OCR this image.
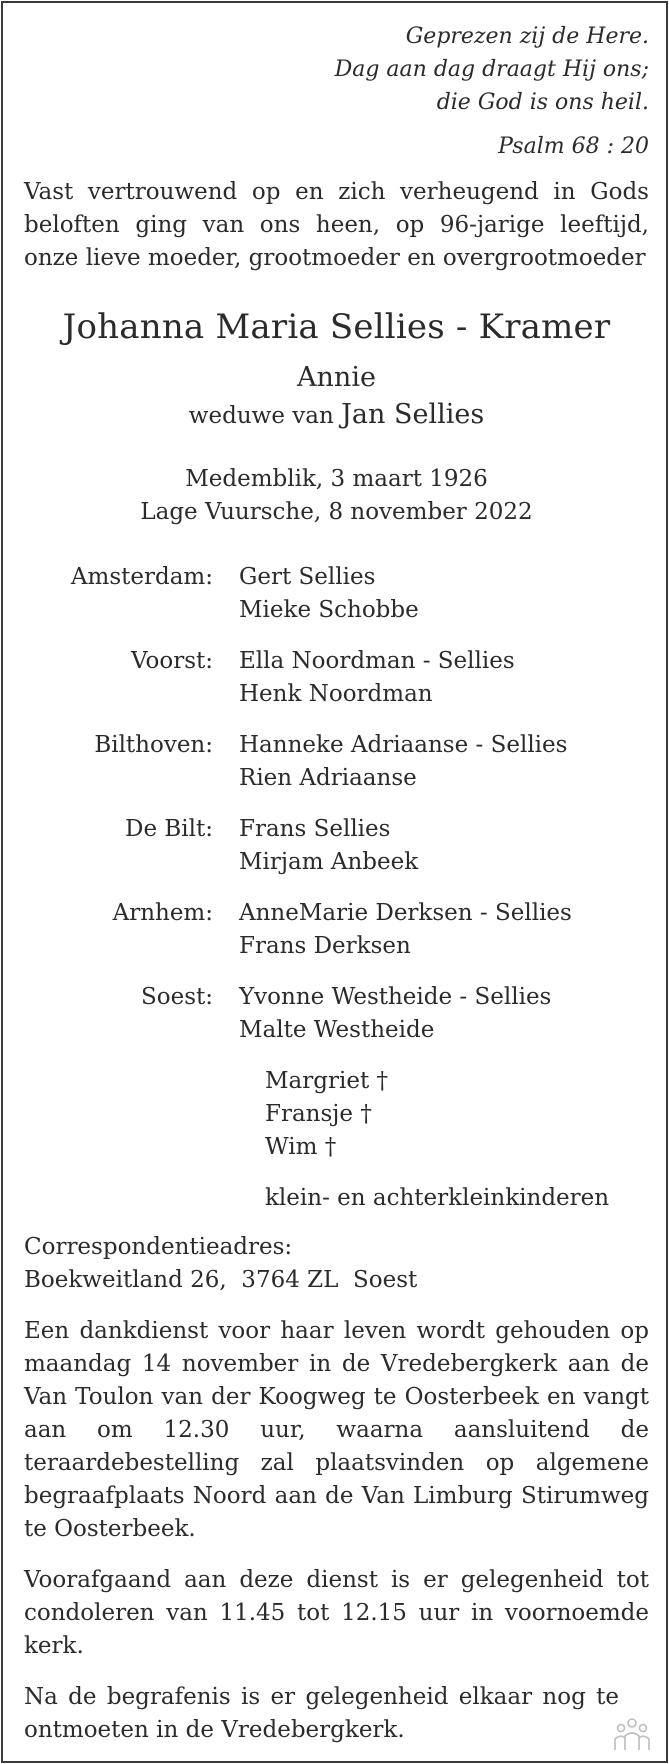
Geprezen zij de Here.
Dag aan dag draagt Hij ons;
die God is ons heil.
Psalm 68 : 20
Vast vertrouwend op en zich verheugend in Gods beloften ging van ons heen, op 96-jarige leeftijd, onze lieve moeder, grootmoeder en overgrootmoeder
Johanna Maria Sellies - Kramer
Annie
weduwe van Jan Sellies
Medemblik, 3 maart 1926
Lage Vuursche, 8 november 2022
Amsterdam:	Gert Sellies
Mieke Schobbe
Voorst:	Ella Noordman - Sellies
Henk Noordman
Bilthoven:	Hanneke Adriaanse - Sellies
Rien Adriaanse
De Bilt:	Frans Sellies
Mirjam Anbeek
Arnhem:	AnneMarie Derksen - Sellies
Frans Derksen
Soest:	Yvonne Westheide - Sellies
Malte Westheide
Margriet †
Fransje †
Wim †
klein- en achterkleinkinderen
Correspondentieadres:
Boekweitland 26,  3764 ZL  Soest
Een dankdienst voor haar leven wordt gehouden op maandag 14 november in de Vredebergkerk aan de Van Toulon van der Koogweg te Oosterbeek en vangt aan om 12.30 uur, waarna aansluitend de teraardebestelling zal plaatsvinden op algemene begraafplaats Noord aan de Van Limburg Stirumweg te Oosterbeek.
Voorafgaand aan deze dienst is er gelegenheid tot condoleren van 11.45 tot 12.15 uur in voornoemde kerk.
Na de begrafenis is er gelegenheid elkaar nog te ontmoeten in de Vredebergkerk.
